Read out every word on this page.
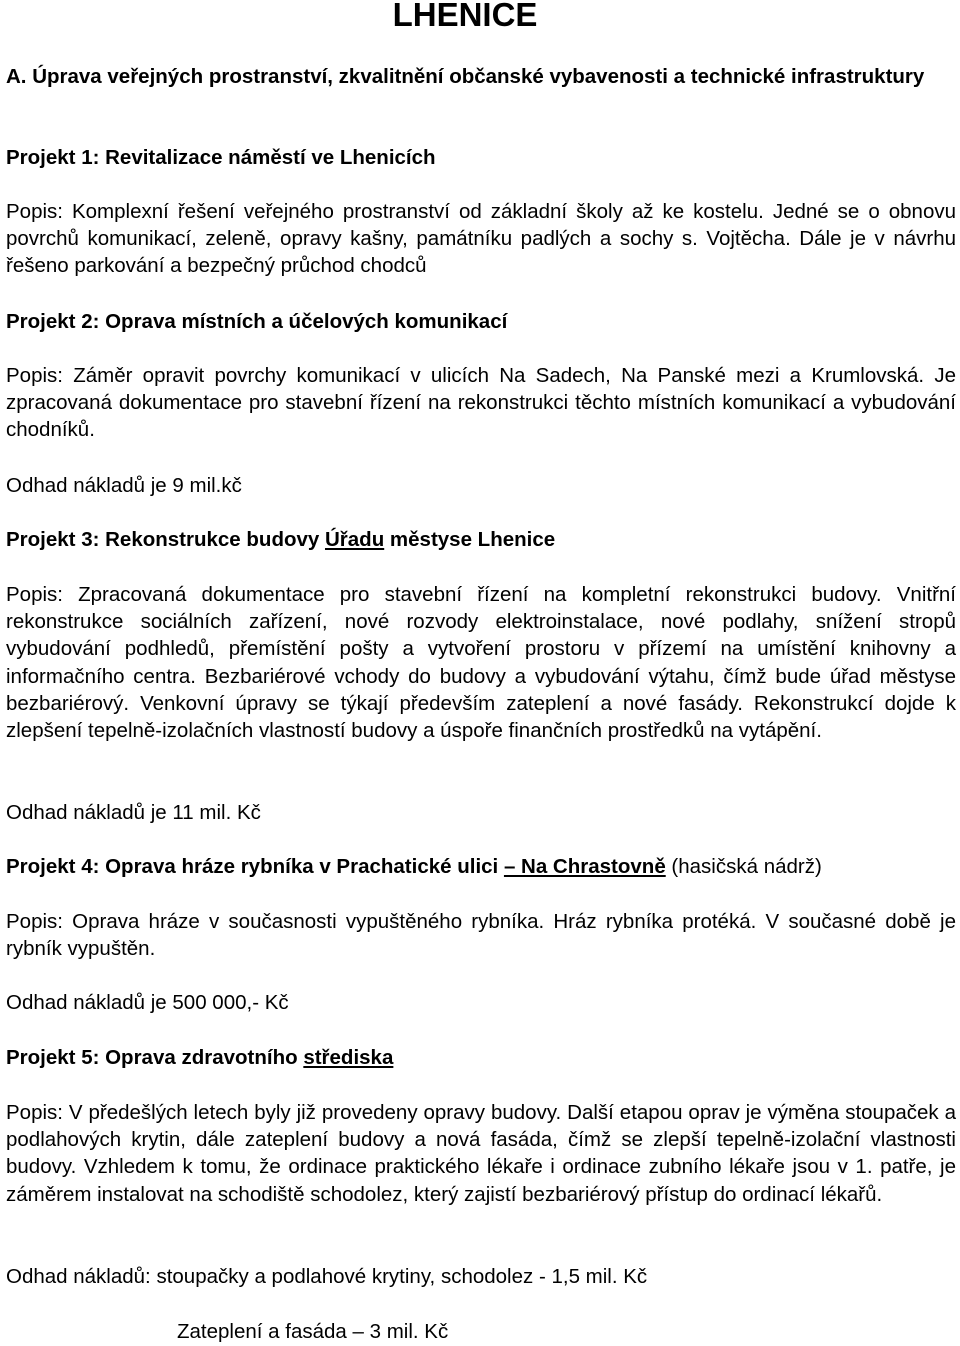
LHENICE
A. Úprava veřejných prostranství, zkvalitnění občanské vybavenosti a technické infrastruktury
Projekt 1: Revitalizace náměstí ve Lhenicích

Popis: Komplexní řešení veřejného prostranství od základní školy až ke kostelu. Jedné se o obnovu povrchů komunikací, zeleně, opravy kašny, památníku padlých a sochy s. Vojtěcha. Dále je v návrhu řešeno parkování a bezpečný průchod chodců

Projekt 2: Oprava místních a účelových komunikací

Popis: Záměr opravit povrchy komunikací v ulicích Na Sadech, Na Panské mezi a Krumlovská. Je zpracovaná dokumentace pro stavební řízení na rekonstrukci těchto místních komunikací a vybudování chodníků.

Odhad nákladů je 9 mil.kč
Projekt 3: Rekonstrukce budovy Úřadu městyse Lhenice

Popis: Zpracovaná dokumentace pro stavební řízení na kompletní rekonstrukci budovy. Vnitřní rekonstrukce sociálních zařízení, nové rozvody elektroinstalace, nové podlahy, snížení stropů vybudování podhledů, přemístění pošty a vytvoření prostoru v přízemí na umístění knihovny a informačního centra. Bezbariérové vchody do budovy a vybudování výtahu, čímž bude úřad městyse bezbariérový. Venkovní úpravy se týkají především zateplení a nové fasády. Rekonstrukcí dojde k zlepšení tepelně-izolačních vlastností budovy a úspoře finančních prostředků na vytápění.

Odhad nákladů je 11 mil. Kč
Projekt 4: Oprava hráze rybníka v Prachatické ulici – Na Chrastovně (hasičská nádrž)

Popis: Oprava hráze v současnosti vypuštěného rybníka. Hráz rybníka protéká. V současné době je rybník vypuštěn.

Odhad nákladů je 500 000,- Kč
Projekt 5: Oprava zdravotního střediska

Popis: V předešlých letech byly již provedeny opravy budovy. Další etapou oprav je výměna stoupaček a podlahových krytin, dále zateplení budovy a nová fasáda, čímž se zlepší tepelně-izolační vlastnosti budovy. Vzhledem k tomu, že ordinace praktického lékaře i ordinace zubního lékaře jsou v 1. patře, je záměrem instalovat na schodiště schodolez, který zajistí bezbariérový přístup do ordinací lékařů.

Odhad nákladů: stoupačky a podlahové krytiny, schodolez - 1,5 mil. Kč
Zateplení a fasáda – 3 mil. Kč
